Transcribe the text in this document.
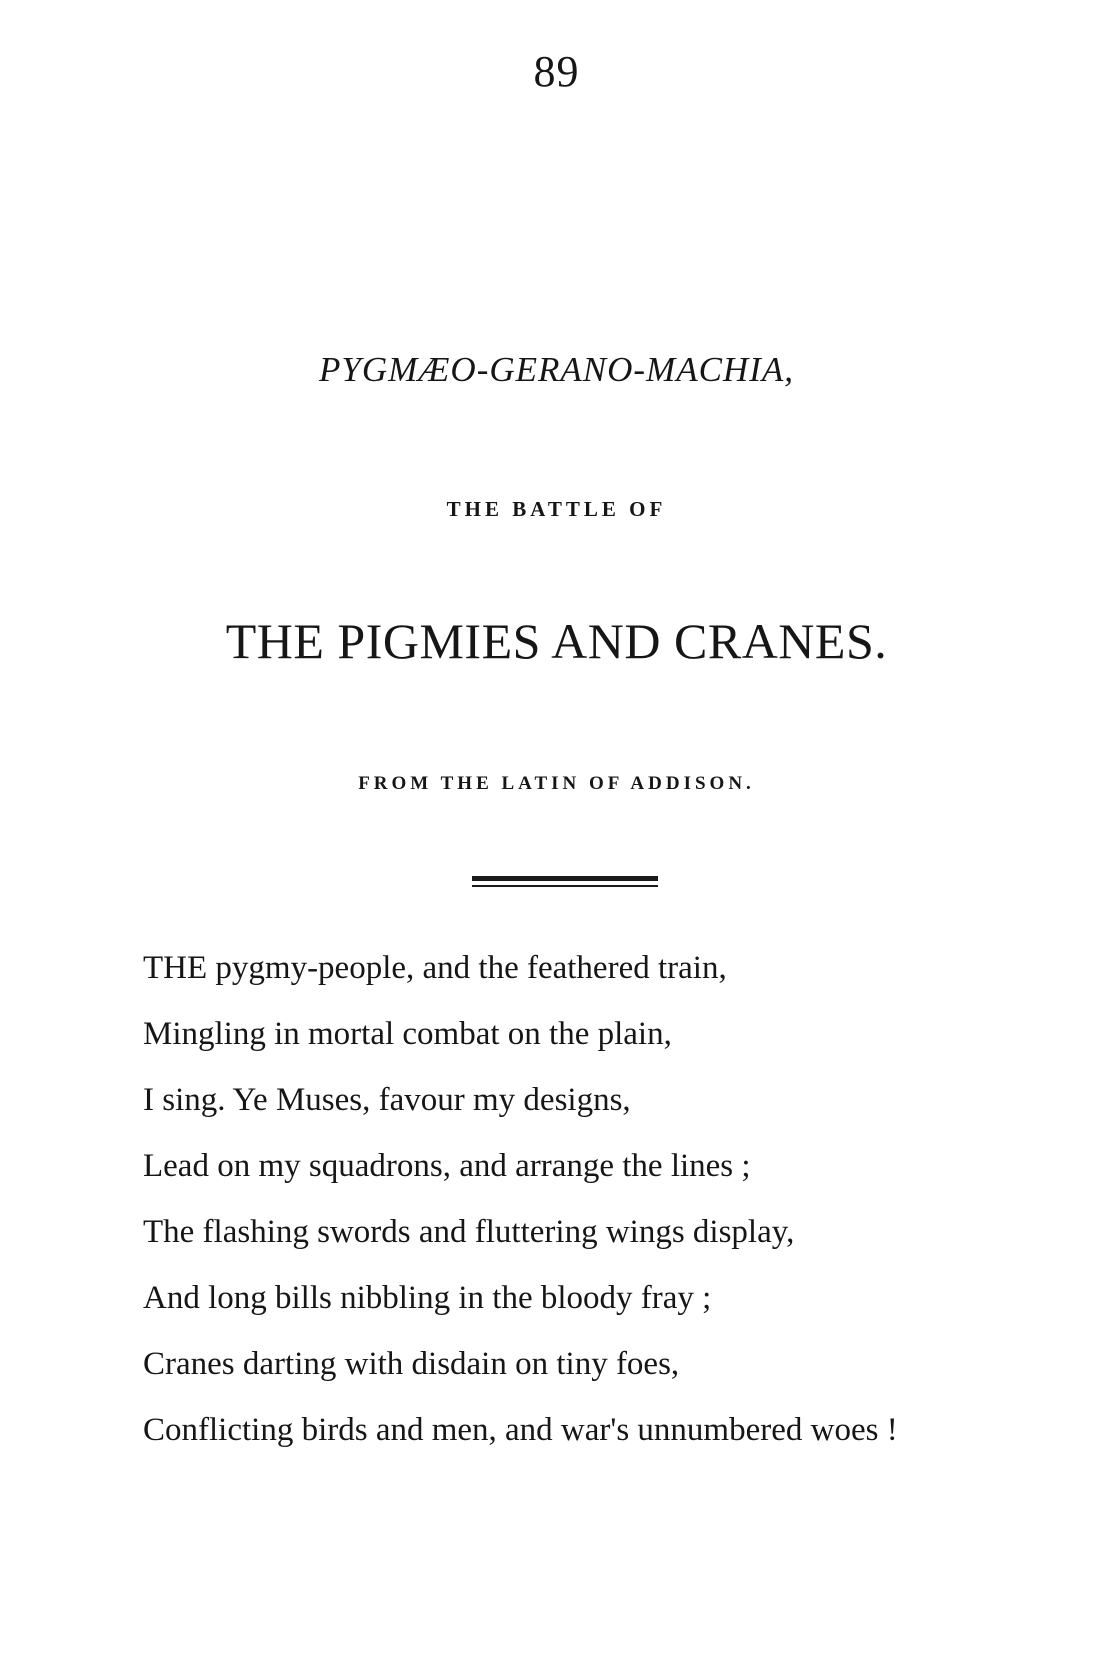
89
PYGMÆO-GERANO-MACHIA,
THE BATTLE OF
THE PIGMIES AND CRANES.
FROM THE LATIN OF ADDISON.
THE pygmy-people, and the feathered train,
Mingling in mortal combat on the plain,
I sing. Ye Muses, favour my designs,
Lead on my squadrons, and arrange the lines ;
The flashing swords and fluttering wings display,
And long bills nibbling in the bloody fray ;
Cranes darting with disdain on tiny foes,
Conflicting birds and men, and war's unnumbered woes !
